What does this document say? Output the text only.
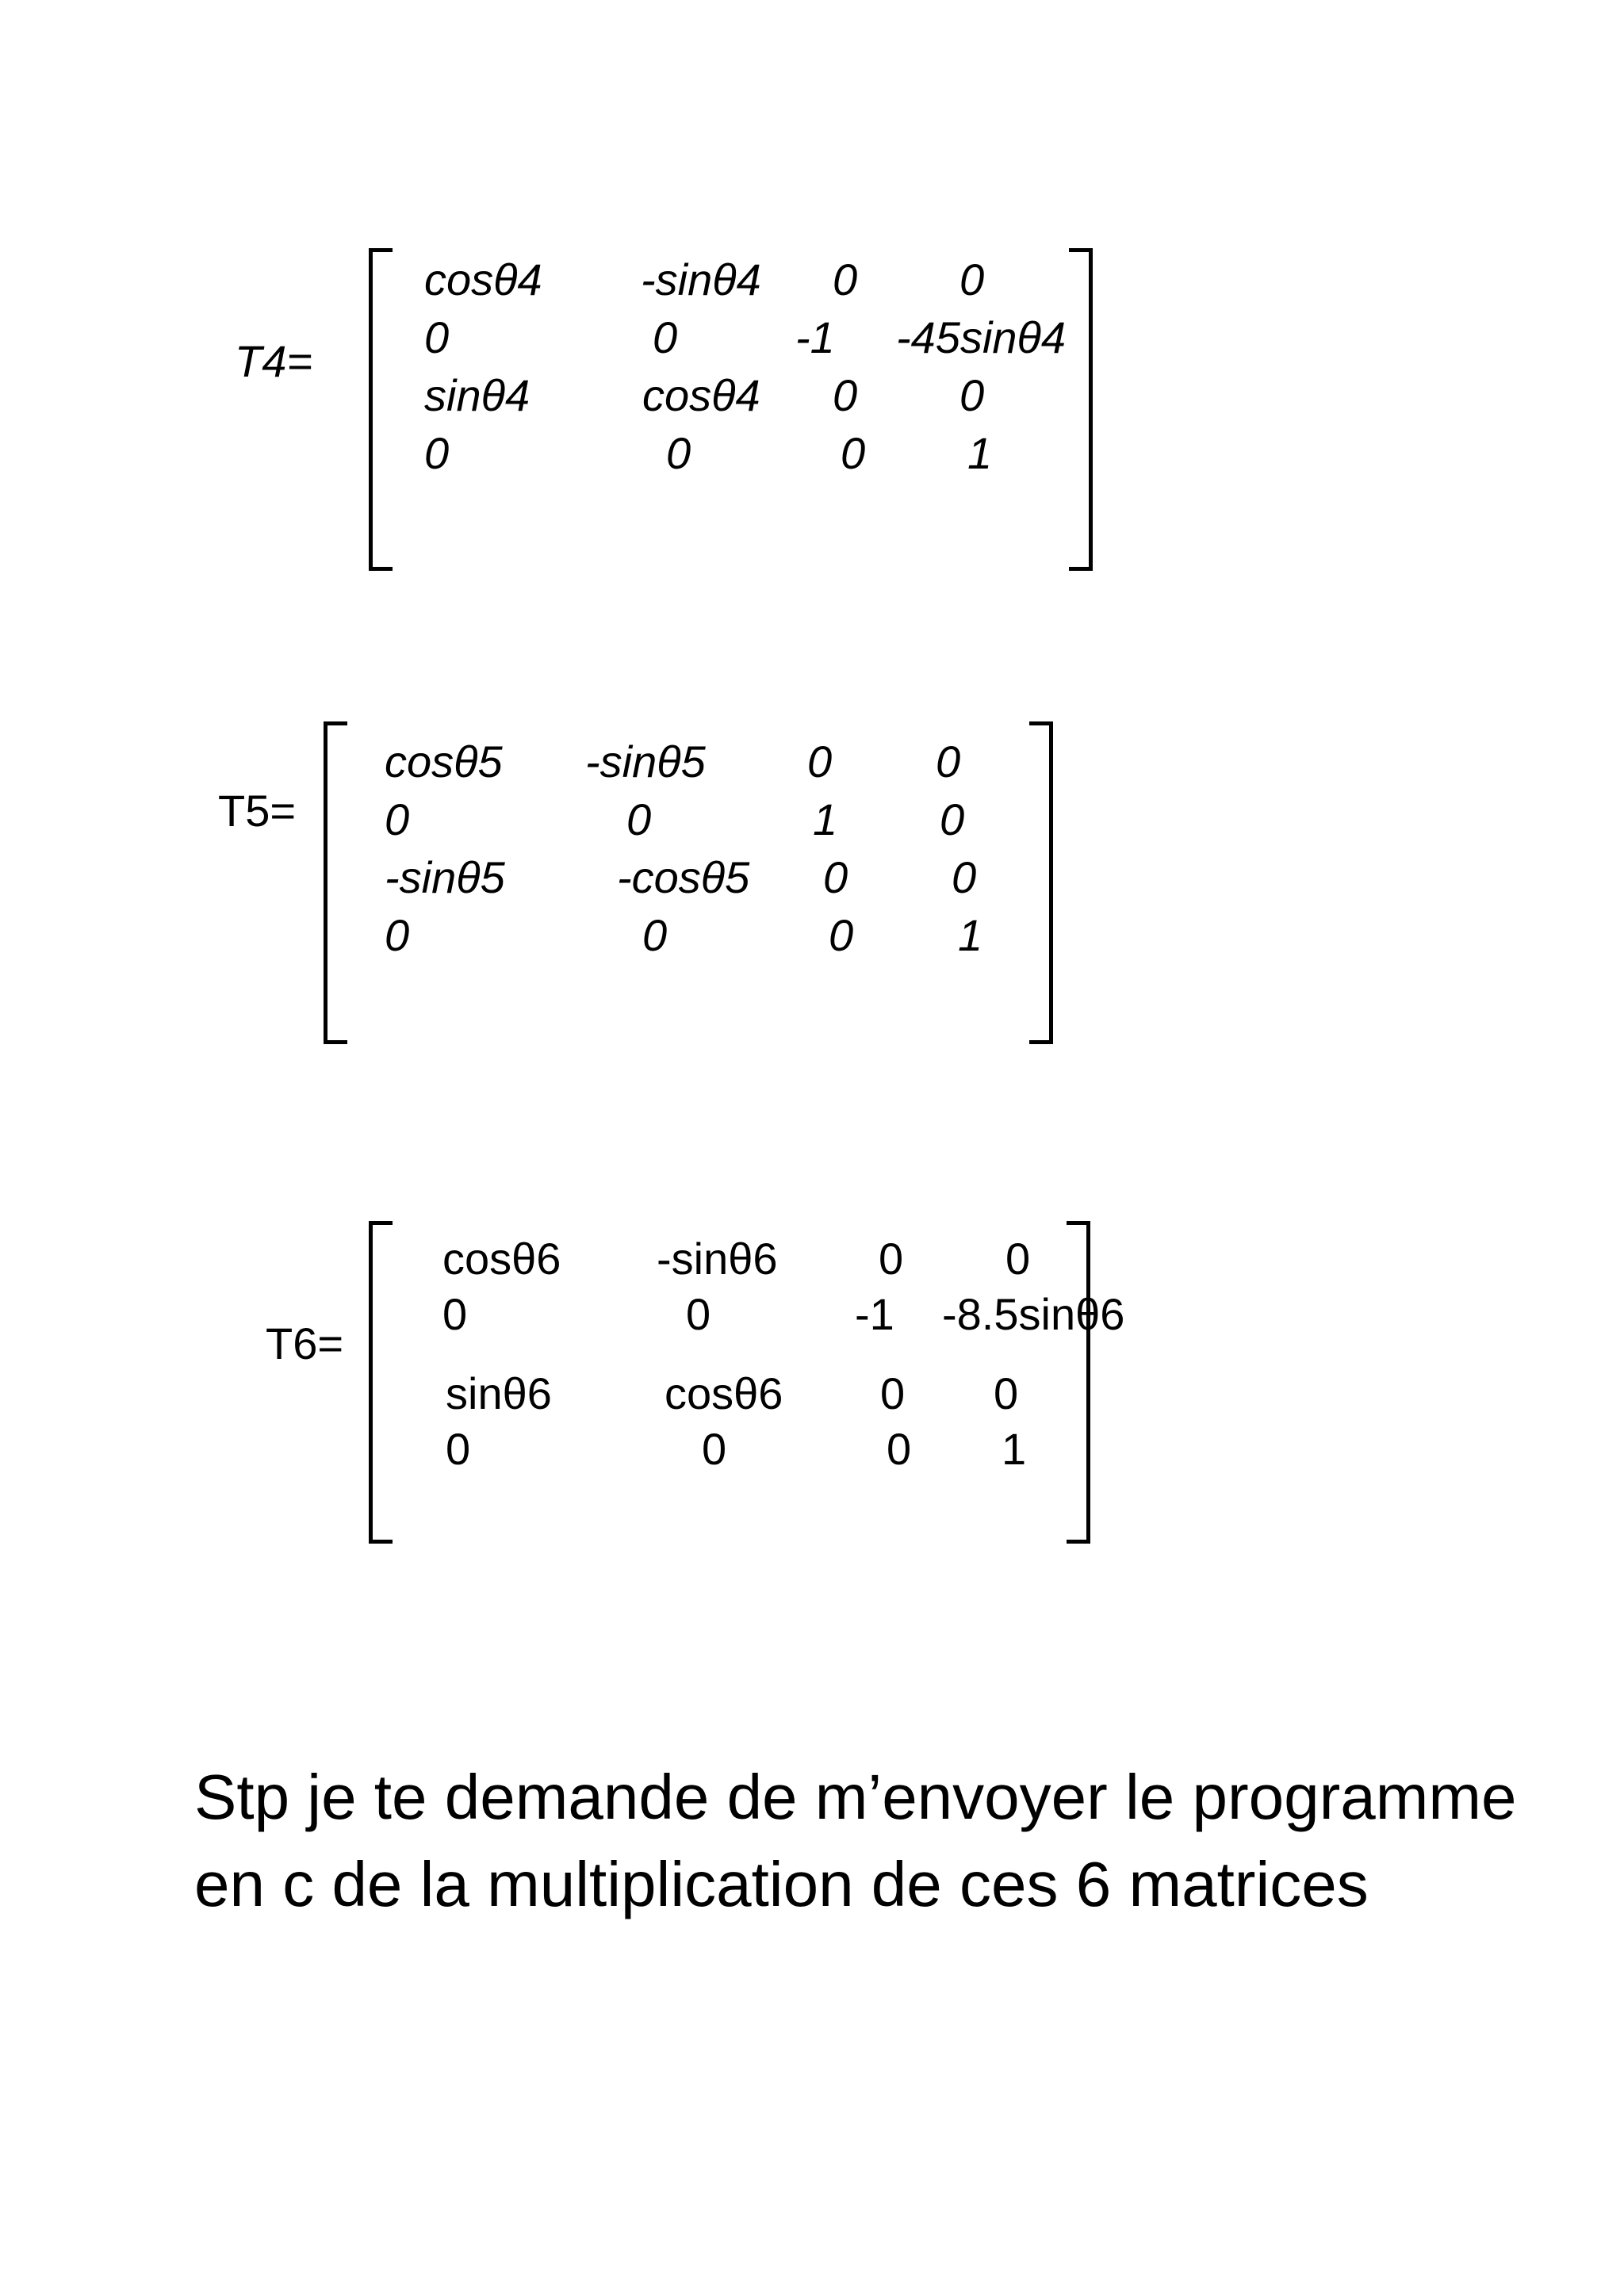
T4=
cosθ4 -sinθ4 0 0
0	0	-1 -45sinθ4
sinθ4	cosθ4 0 0
0	0	0 1
T5=
cosθ5 -sinθ5 0 0
0	0	1 0
-sinθ5	-cosθ5 0 0
0	0	0 1
T6=
cosθ6 -sinθ6 0 0
0	0	-1 -8.5sinθ6
sinθ6	cosθ6 0 0
0	0	0 1
Stp je te demande de m’envoyer le programme en c de la multiplication de ces 6 matrices
